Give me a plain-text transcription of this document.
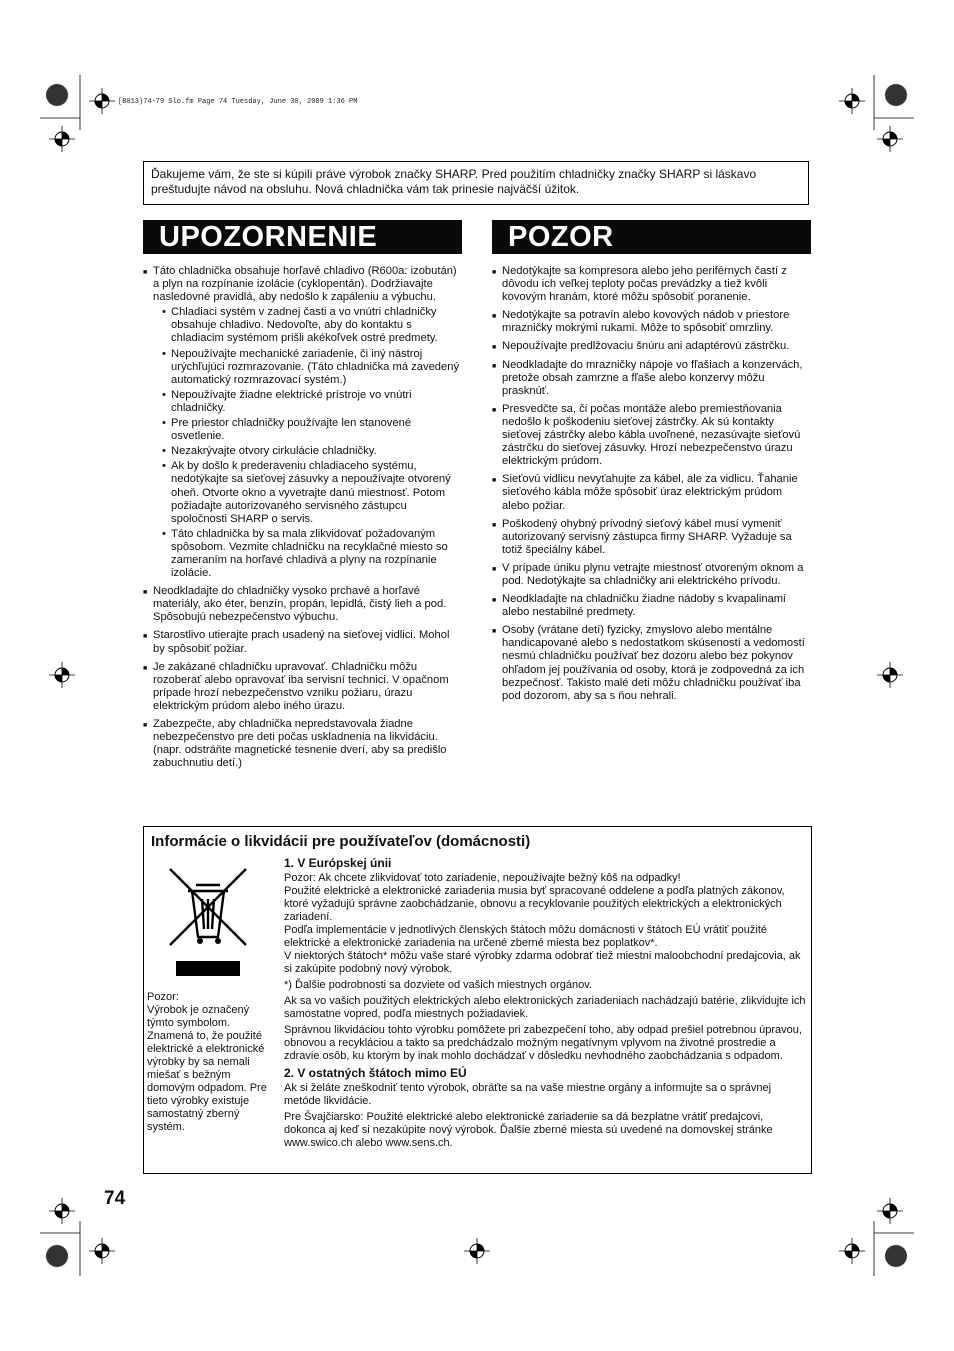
[B013)74-79 Slo.fm Page 74 Tuesday, June 30, 2009 1:36 PM
Ďakujeme vám, že ste si kúpili práve výrobok značky SHARP. Pred použitím chladničky značky SHARP si láskavo preštudujte návod na obsluhu. Nová chladnička vám tak prinesie najväčší úžitok.
UPOZORNENIE	POZOR
■ Táto chladnička obsahuje horľavé chladivo (R600a: izobután) a plyn na rozpínanie izolácie (cyklopentán). Dodržiavajte nasledovné pravidlá, aby nedošlo k zapáleniu a výbuchu.
• Chladiaci systém v zadnej časti a vo vnútri chladničky obsahuje chladivo. Nedovoľte, aby do kontaktu s chladiacim systémom prišli akékoľvek ostré predmety.
• Nepoužívajte mechanické zariadenie, či iný nástroj urýchľujúci rozmrazovanie. (Táto chladnička má zavedený automatický rozmrazovací systém.)
• Nepoužívajte žiadne elektrické prístroje vo vnútri chladničky.
• Pre priestor chladničky používajte len stanovené osvetlenie.
• Nezakrývajte otvory cirkulácie chladničky.
• Ak by došlo k prederaveniu chladiaceho systému, nedotýkajte sa sieťovej zásuvky a nepoužívajte otvorený oheň. Otvorte okno a vyvetrajte danú miestnosť. Potom požiadajte autorizovaného servisného zástupcu spoločnosti SHARP o servis.
• Táto chladnička by sa mala zlikvidovať požadovaným spôsobom. Vezmite chladničku na recyklačné miesto so zameraním na horľavé chladivá a plyny na rozpínanie izolácie.
■ Neodkladajte do chladničky vysoko prchavé a horľavé materiály, ako éter, benzín, propán, lepidlá, čistý lieh a pod. Spôsobujú nebezpečenstvo výbuchu.
■ Starostlivo utierajte prach usadený na sieťovej vidlici. Mohol by spôsobiť požiar.
■ Je zakázané chladničku upravovať. Chladničku môžu rozoberať alebo opravovať iba servisní technici. V opačnom prípade hrozí nebezpečenstvo vzniku požiaru, úrazu elektrickým prúdom alebo iného úrazu.
■ Zabezpečte, aby chladnička nepredstavovala žiadne nebezpečenstvo pre deti počas uskladnenia na likvidáciu. (napr. odstráňte magnetické tesnenie dverí, aby sa predišlo zabuchnutiu detí.)
■ Nedotýkajte sa kompresora alebo jeho periférnych častí z dôvodu ich veľkej teploty počas prevádzky a tiež kvôli kovovým hranám, ktoré môžu spôsobiť poranenie.
■ Nedotýkajte sa potravín alebo kovových nádob v priestore mrazničky mokrými rukami. Môže to spôsobiť omrzliny.
■ Nepoužívajte predlžovaciu šnúru ani adaptérovú zástrčku.
■ Neodkladajte do mrazničky nápoje vo fľašiach a konzervách, pretože obsah zamrzne a fľaše alebo konzervy môžu prasknúť.
■ Presvedčte sa, či počas montáže alebo premiestňovania nedošlo k poškodeniu sieťovej zástrčky. Ak sú kontakty sieťovej zástrčky alebo kábla uvoľnené, nezasúvajte sieťovú zástrčku do sieťovej zásuvky. Hrozí nebezpečenstvo úrazu elektrickým prúdom.
■ Sieťovú vidlicu nevyťahujte za kábel, ale za vidlicu. Ťahanie sieťového kábla môže spôsobiť úraz elektrickým prúdom alebo požiar.
■ Poškodený ohybný prívodný sieťový kábel musí vymeniť autorizovaný servisný zástupca firmy SHARP. Vyžaduje sa totiž špeciálny kábel.
■ V prípade úniku plynu vetrajte miestnosť otvoreným oknom a pod. Nedotýkajte sa chladničky ani elektrického prívodu.
■ Neodkladajte na chladničku žiadne nádoby s kvapalinami alebo nestabilné predmety.
■ Osoby (vrátane detí) fyzicky, zmyslovo alebo mentálne handicapované alebo s nedostatkom skúseností a vedomostí nesmú chladničku používať bez dozoru alebo bez pokynov ohľadom jej používania od osoby, ktorá je zodpovedná za ich bezpečnosť. Takisto malé deti môžu chladničku používať iba pod dozorom, aby sa s ňou nehrali.
Informácie o likvidácii pre používateľov (domácnosti)
Pozor:
Výrobok je označený týmto symbolom. Znamená to, že použité elektrické a elektronické výrobky by sa nemali miešať s bežným domovým odpadom. Pre tieto výrobky existuje samostatný zberný systém.
1. V Európskej únii

Pozor: Ak chcete zlikvidovať toto zariadenie, nepoužívajte bežný kôš na odpadky!

Použité elektrické a elektronické zariadenia musia byť spracované oddelene a podľa platných zákonov, ktoré vyžadujú správne zaobchádzanie, obnovu a recyklovanie použitých elektrických a elektronických zariadení.

Podľa implementácie v jednotlivých členských štátoch môžu domácnosti v štátoch EÚ vrátiť použité elektrické a elektronické zariadenia na určené zberné miesta bez poplatkov*.

V niektorých štátoch* môžu vaše staré výrobky zdarma odobrať tiež miestni maloobchodní predajcovia, ak si zakúpite podobný nový výrobok.

*) Ďalšie podrobnosti sa dozviete od vašich miestnych orgánov.

Ak sa vo vašich použitých elektrických alebo elektronických zariadeniach nachádzajú batérie, zlikvidujte ich samostatne vopred, podľa miestnych požiadaviek.

Správnou likvidáciou tohto výrobku pomôžete pri zabezpečení toho, aby odpad prešiel potrebnou úpravou, obnovou a recykláciou a takto sa predchádzalo možným negatívnym vplyvom na životné prostredie a zdravie osôb, ku ktorým by inak mohlo dochádzať v dôsledku nevhodného zaobchádzania s odpadom.

2. V ostatných štátoch mimo EÚ

Ak si želáte zneškodniť tento výrobok, obráťte sa na vaše miestne orgány a informujte sa o správnej metóde likvidácie.

Pre Švajčiarsko: Použité elektrické alebo elektronické zariadenie sa dá bezplatne vrátiť predajcovi, dokonca aj keď si nezakúpite nový výrobok. Ďalšie zberné miesta sú uvedené na domovskej stránke www.swico.ch alebo www.sens.ch.

74
